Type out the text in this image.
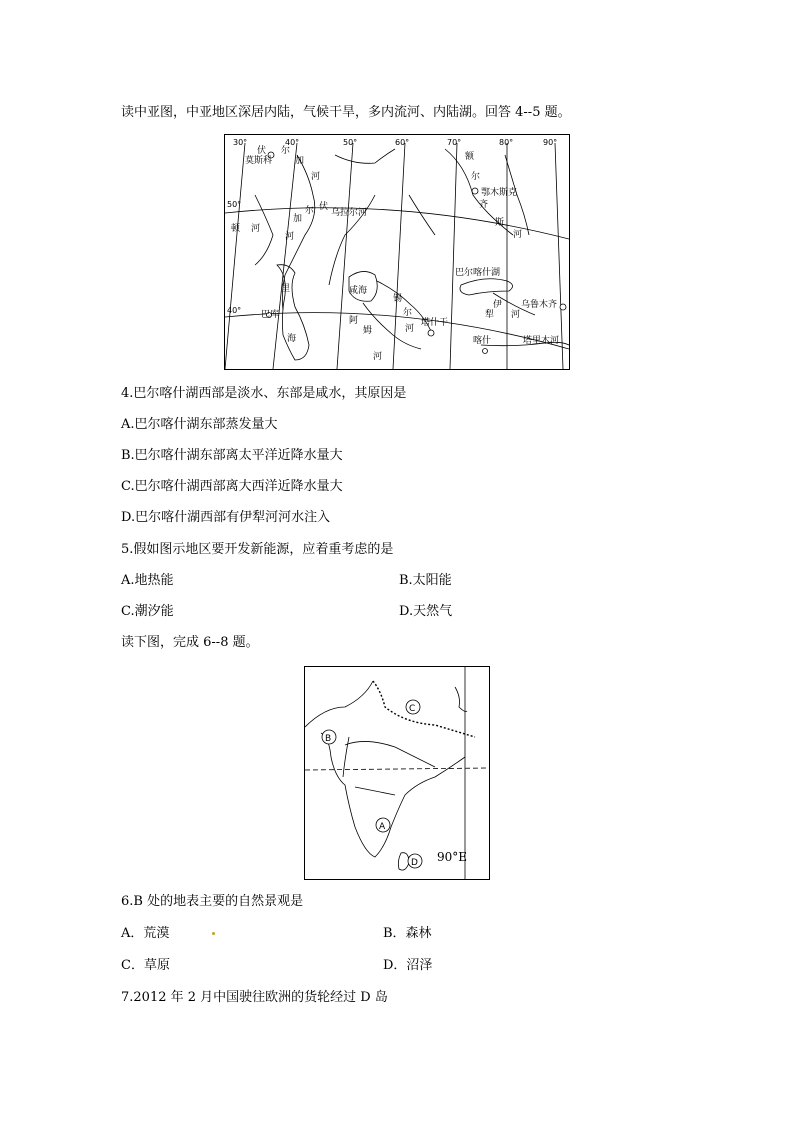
读中亚图，中亚地区深居内陆，气候干旱，多内流河、内陆湖。回答 4--5 题。
30°	40°	50°	60°	70°	80°	90°
50°
40°
伏 尔
加
河
莫斯科
伏
尔
加
河
乌拉尔河
顿 河
里
海
巴库
咸海
阿
姆
河
锡
尔
河
塔什干
喀什
额
尔
齐
斯
河
鄂木斯克
巴尔喀什湖
伊
犁 河
乌鲁木齐
塔里木河
4.巴尔喀什湖西部是淡水、东部是咸水，其原因是
A.巴尔喀什湖东部蒸发量大
B.巴尔喀什湖东部离太平洋近降水量大
C.巴尔喀什湖西部离大西洋近降水量大
D.巴尔喀什湖西部有伊犁河河水注入
5.假如图示地区要开发新能源，应着重考虑的是
A.地热能	B.太阳能
C.潮汐能	D.天然气
读下图，完成 6--8 题。
C
B
A
D 90°E
6.B 处的地表主要的自然景观是
A．荒漠	B．森林
C．草原	D．沼泽
7.2012 年 2 月中国驶往欧洲的货轮经过 D 岛
